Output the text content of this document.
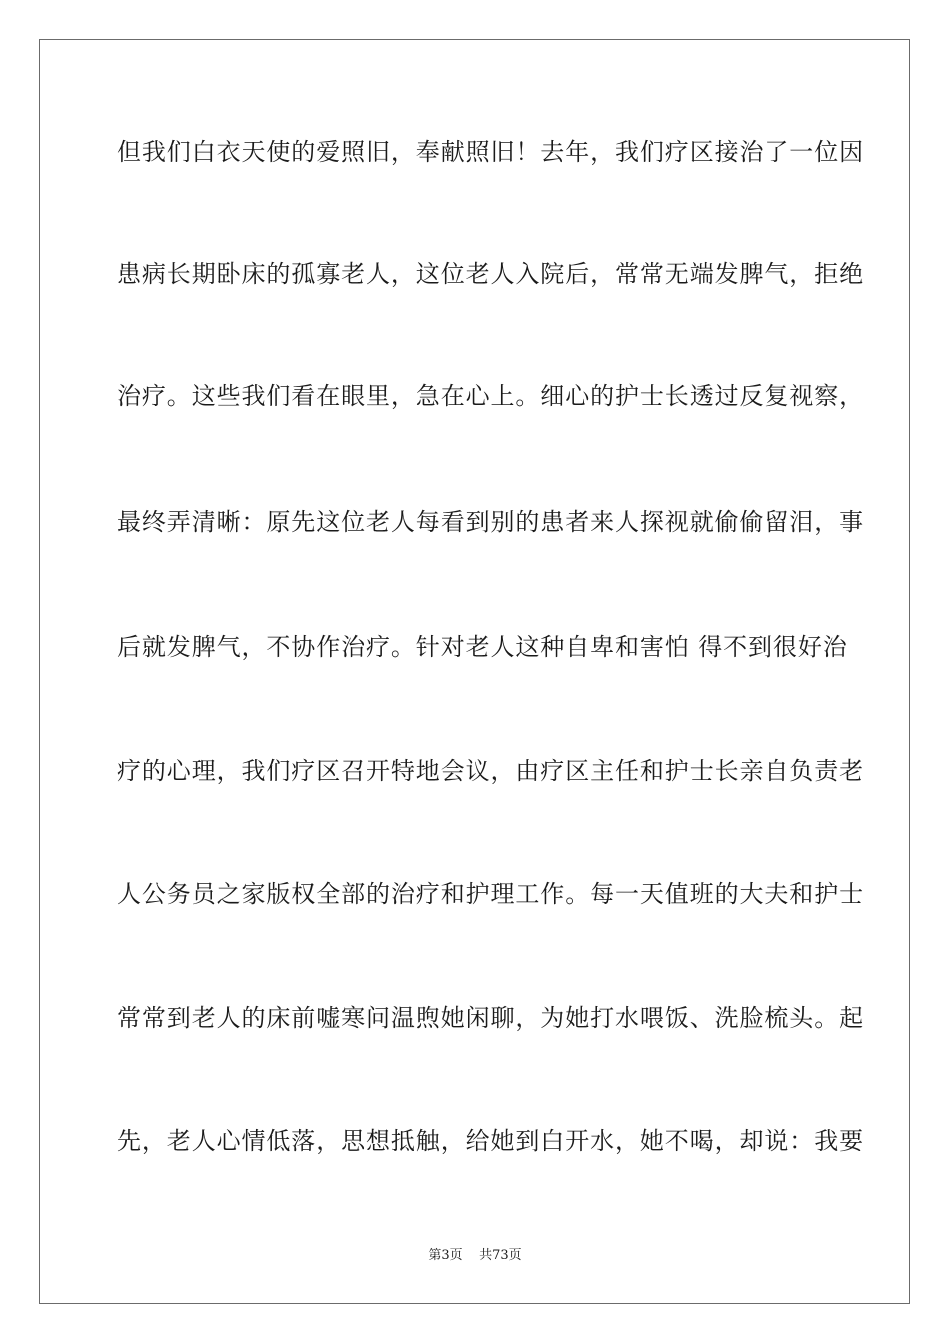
但我们白衣天使的爱照旧，奉献照旧！去年，我们疗区接治了一位因
患病长期卧床的孤寡老人，这位老人入院后，常常无端发脾气，拒绝
治疗。这些我们看在眼里，急在心上。细心的护士长透过反复视察，
最终弄清晰：原先这位老人每看到别的患者来人探视就偷偷留泪，事
后就发脾气，不协作治疗。针对老人这种自卑和害怕 得不到很好治
疗的心理，我们疗区召开特地会议，由疗区主任和护士长亲自负责老
人公务员之家版权全部的治疗和护理工作。每一天值班的大夫和护士
常常到老人的床前嘘寒问温煦她闲聊，为她打水喂饭、洗脸梳头。起
先，老人心情低落，思想抵触，给她到白开水，她不喝，却说：我要
第3页 共73页
